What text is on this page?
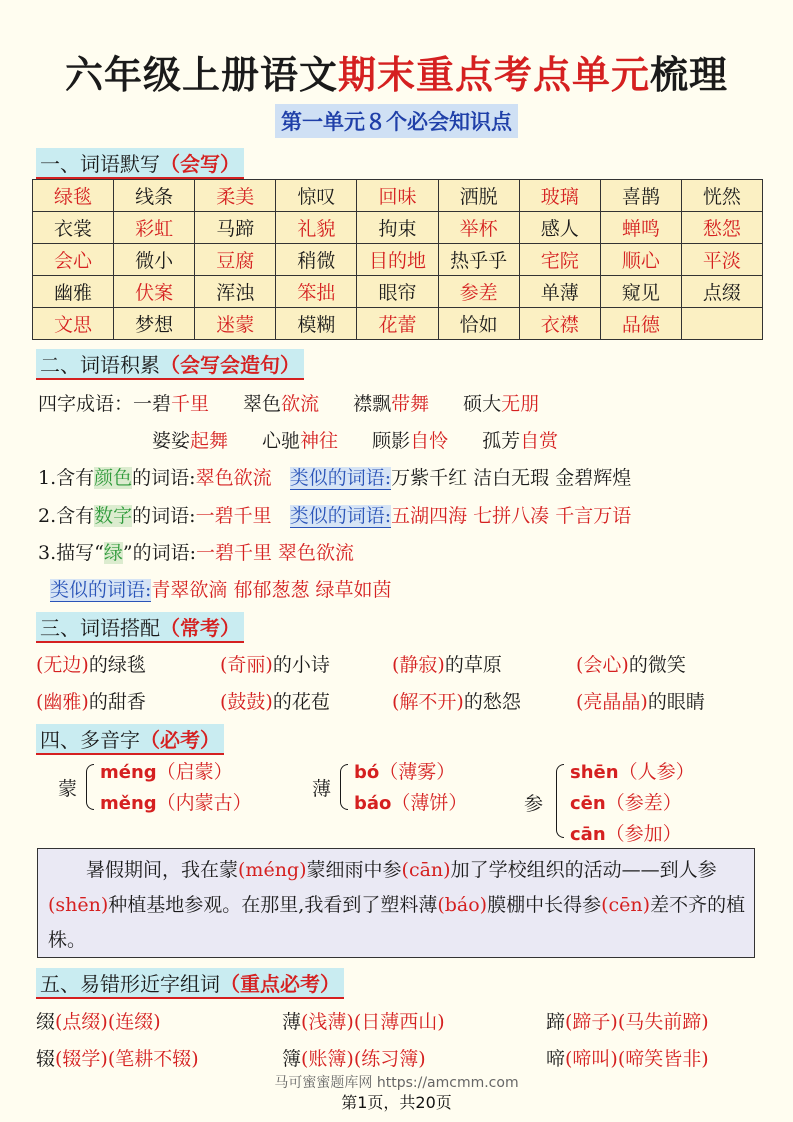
六年级上册语文期末重点考点单元梳理
第一单元８个必会知识点
一、词语默写（会写）
绿毯	线条	柔美	惊叹	回味	洒脱	玻璃	喜鹊	恍然
衣裳	彩虹	马蹄	礼貌	拘束	举杯	感人	蝉鸣	愁怨
会心	微小	豆腐	稍微	目的地	热乎乎	宅院	顺心	平淡
幽雅	伏案	浑浊	笨拙	眼帘	参差	单薄	窥见	点缀
文思	梦想	迷蒙	模糊	花蕾	恰如	衣襟	品德	
二、词语积累（会写会造句）
四字成语：一碧千里 翠色欲流 襟飘带舞 硕大无朋
婆娑起舞 心驰神往 顾影自怜 孤芳自赏
1.含有颜色的词语:翠色欲流 类似的词语:万紫千红 洁白无瑕 金碧辉煌
2.含有数字的词语:一碧千里 类似的词语:五湖四海 七拼八凑 千言万语
3.描写“绿”的词语:一碧千里 翠色欲流
类似的词语:青翠欲滴 郁郁葱葱 绿草如茵
三、词语搭配（常考）
(无边)的绿毯	(奇丽)的小诗	(静寂)的草原	(会心)的微笑
(幽雅)的甜香	(鼓鼓)的花苞	(解不开)的愁怨	(亮晶晶)的眼睛
四、多音字（必考）
蒙
méng（启蒙）
měng（内蒙古）
薄
bó（薄雾）
báo（薄饼）	参
shēn（人参）
cēn（参差）
cān（参加）

暑假期间，我在蒙(méng)蒙细雨中参(cān)加了学校组织的活动——到人参(shēn)种植基地参观。在那里,我看到了塑料薄(báo)膜棚中长得参(cēn)差不齐的植株。

五、易错形近字组词（重点必考）
缀(点缀)(连缀)	薄(浅薄)(日薄西山)	蹄(蹄子)(马失前蹄)
辍(辍学)(笔耕不辍)	簿(账簿)(练习簿)	啼(啼叫)(啼笑皆非)
马可蜜蜜题库网 https://amcmm.com
第1页，共20页
